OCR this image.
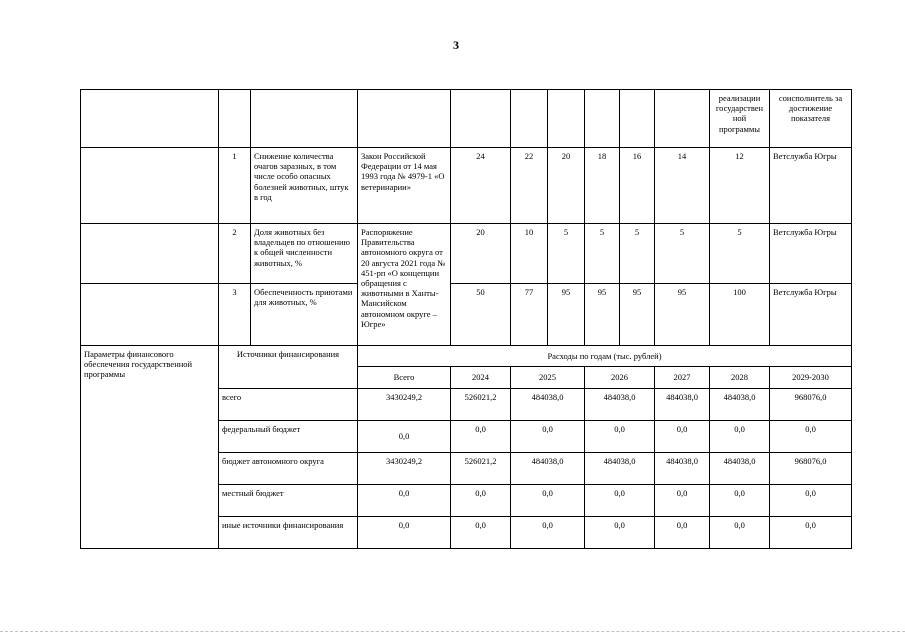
3
										реализации государствен ной программы	соисполнитель за достижение показателя
	1	Снижение количества очагов заразных, в том числе особо опасных болезней животных, штук в год	Закон Российской Федерации от 14 мая 1993 года № 4979-1 «О ветеринарии»	24	22	20	18	16	14	12	Ветслужба Югры
	2	Доля животных без владельцев по отношению к общей численности животных, %	Распоряжение Правительства автономного округа от 20 августа 2021 года № 451-рп «О концепции обращения с животными в Ханты-Мансийском автономном округе – Югре»	20	10	5	5	5	5	5	Ветслужба Югры
	3	Обеспеченность приютами для животных, %		50	77	95	95	95	95	100	Ветслужба Югры
Параметры финансового обеспечения государственной программы	Источники финансирования		Расходы по годам (тыс. рублей)								
			Всего	2024	2025		2026		2027	2028	2029-2030
	всего		3430249,2	526021,2	484038,0		484038,0		484038,0	484038,0	968076,0
	федеральный бюджет		0,0	0,0	0,0		0,0		0,0	0,0	0,0
	бюджет автономного округа		3430249,2	526021,2	484038,0		484038,0		484038,0	484038,0	968076,0
	местный бюджет		0,0	0,0	0,0		0,0		0,0	0,0	0,0
	иные источники финансирования		0,0	0,0	0,0		0,0		0,0	0,0	0,0
